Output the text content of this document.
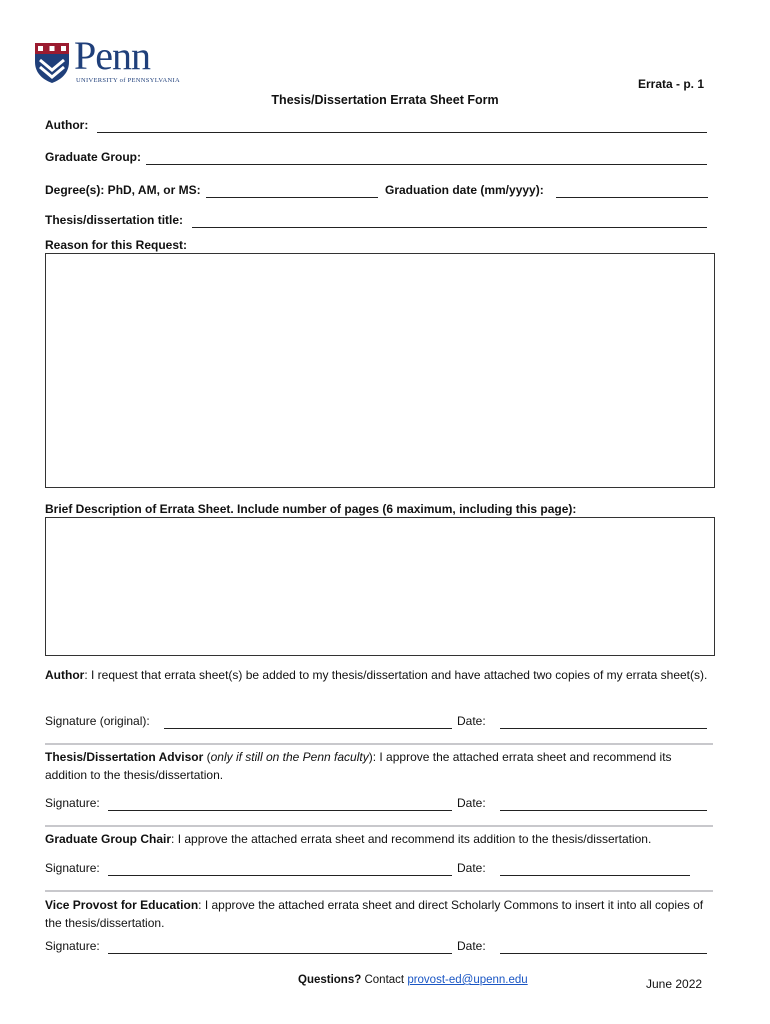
Penn
UNIVERSITY of PENNSYLVANIA	Errata - p. 1
Thesis/Dissertation Errata Sheet Form
Author:
Graduate Group:
Degree(s): PhD, AM, or MS:	Graduation date (mm/yyyy):
Thesis/dissertation title:
Reason for this Request:
Brief Description of Errata Sheet. Include number of pages (6 maximum, including this page):
Author: I request that errata sheet(s) be added to my thesis/dissertation and have attached two copies of my errata sheet(s).
Signature (original):	Date:
Thesis/Dissertation Advisor (only if still on the Penn faculty): I approve the attached errata sheet and recommend its addition to the thesis/dissertation.
Signature:	Date:
Graduate Group Chair: I approve the attached errata sheet and recommend its addition to the thesis/dissertation.
Signature:	Date:
Vice Provost for Education: I approve the attached errata sheet and direct Scholarly Commons to insert it into all copies of the thesis/dissertation.
Signature:	Date:
Questions? Contact provost-ed@upenn.edu	June 2022
